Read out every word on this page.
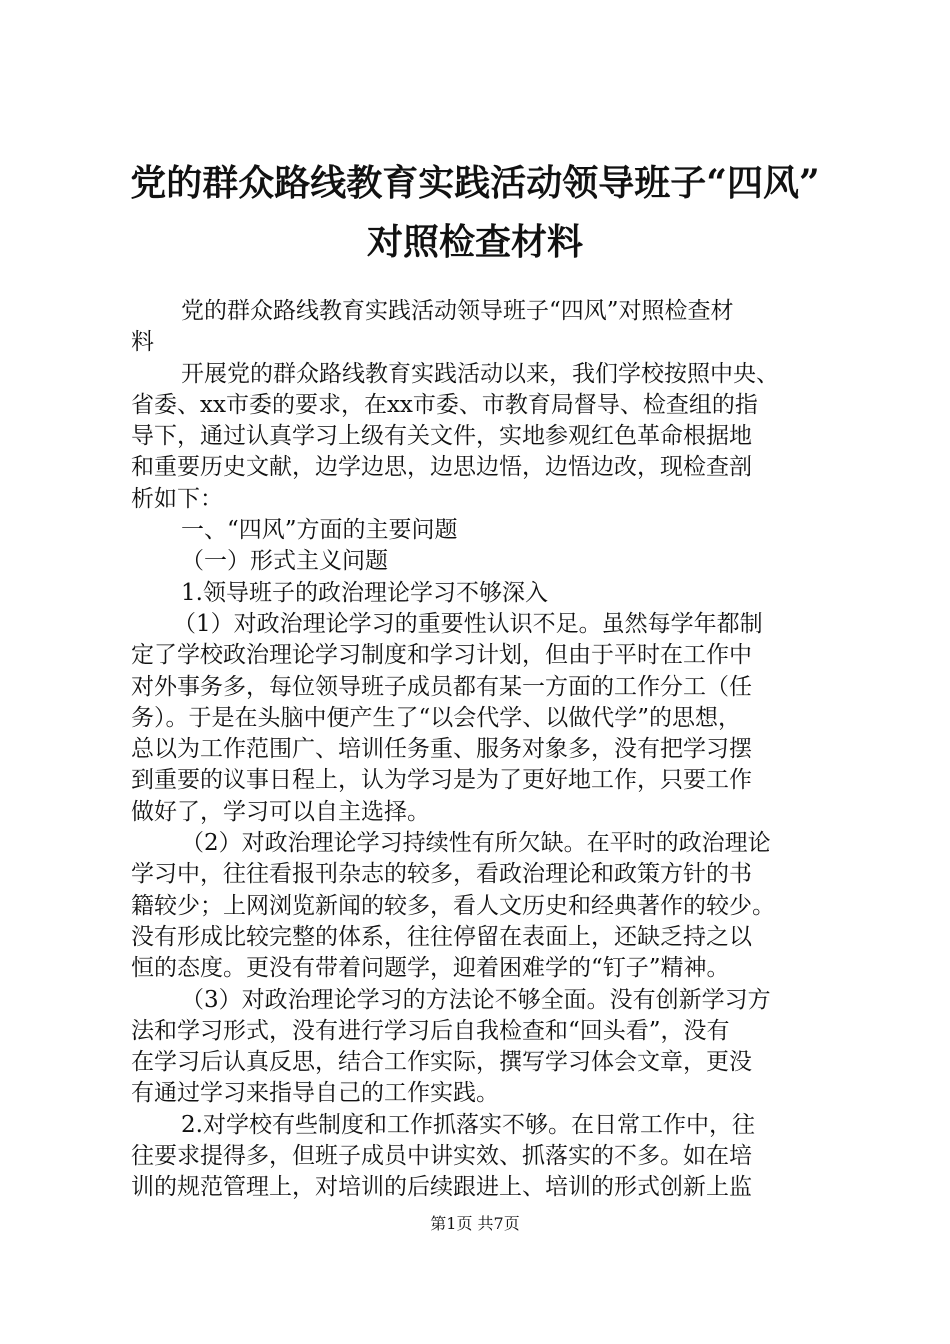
党的群众路线教育实践活动领导班子“四风”
对照检查材料
党的群众路线教育实践活动领导班子“四风”对照检查材
料
开展党的群众路线教育实践活动以来，我们学校按照中央、
省委、xx市委的要求，在xx市委、市教育局督导、检查组的指
导下，通过认真学习上级有关文件，实地参观红色革命根据地
和重要历史文献，边学边思，边思边悟，边悟边改，现检查剖
析如下：
一、“四风”方面的主要问题
（一）形式主义问题
1.领导班子的政治理论学习不够深入
（1）对政治理论学习的重要性认识不足。虽然每学年都制
定了学校政治理论学习制度和学习计划，但由于平时在工作中
对外事务多，每位领导班子成员都有某一方面的工作分工（任
务）。于是在头脑中便产生了“以会代学、以做代学”的思想，
总以为工作范围广、培训任务重、服务对象多，没有把学习摆
到重要的议事日程上，认为学习是为了更好地工作，只要工作
做好了，学习可以自主选择。
（2）对政治理论学习持续性有所欠缺。在平时的政治理论
学习中，往往看报刊杂志的较多，看政治理论和政策方针的书
籍较少；上网浏览新闻的较多，看人文历史和经典著作的较少。
没有形成比较完整的体系，往往停留在表面上，还缺乏持之以
恒的态度。更没有带着问题学，迎着困难学的“钉子”精神。
（3）对政治理论学习的方法论不够全面。没有创新学习方
法和学习形式，没有进行学习后自我检查和“回头看”，没有
在学习后认真反思，结合工作实际，撰写学习体会文章，更没
有通过学习来指导自己的工作实践。
2.对学校有些制度和工作抓落实不够。在日常工作中，往
往要求提得多，但班子成员中讲实效、抓落实的不多。如在培
训的规范管理上，对培训的后续跟进上、培训的形式创新上监
第1页 共7页
